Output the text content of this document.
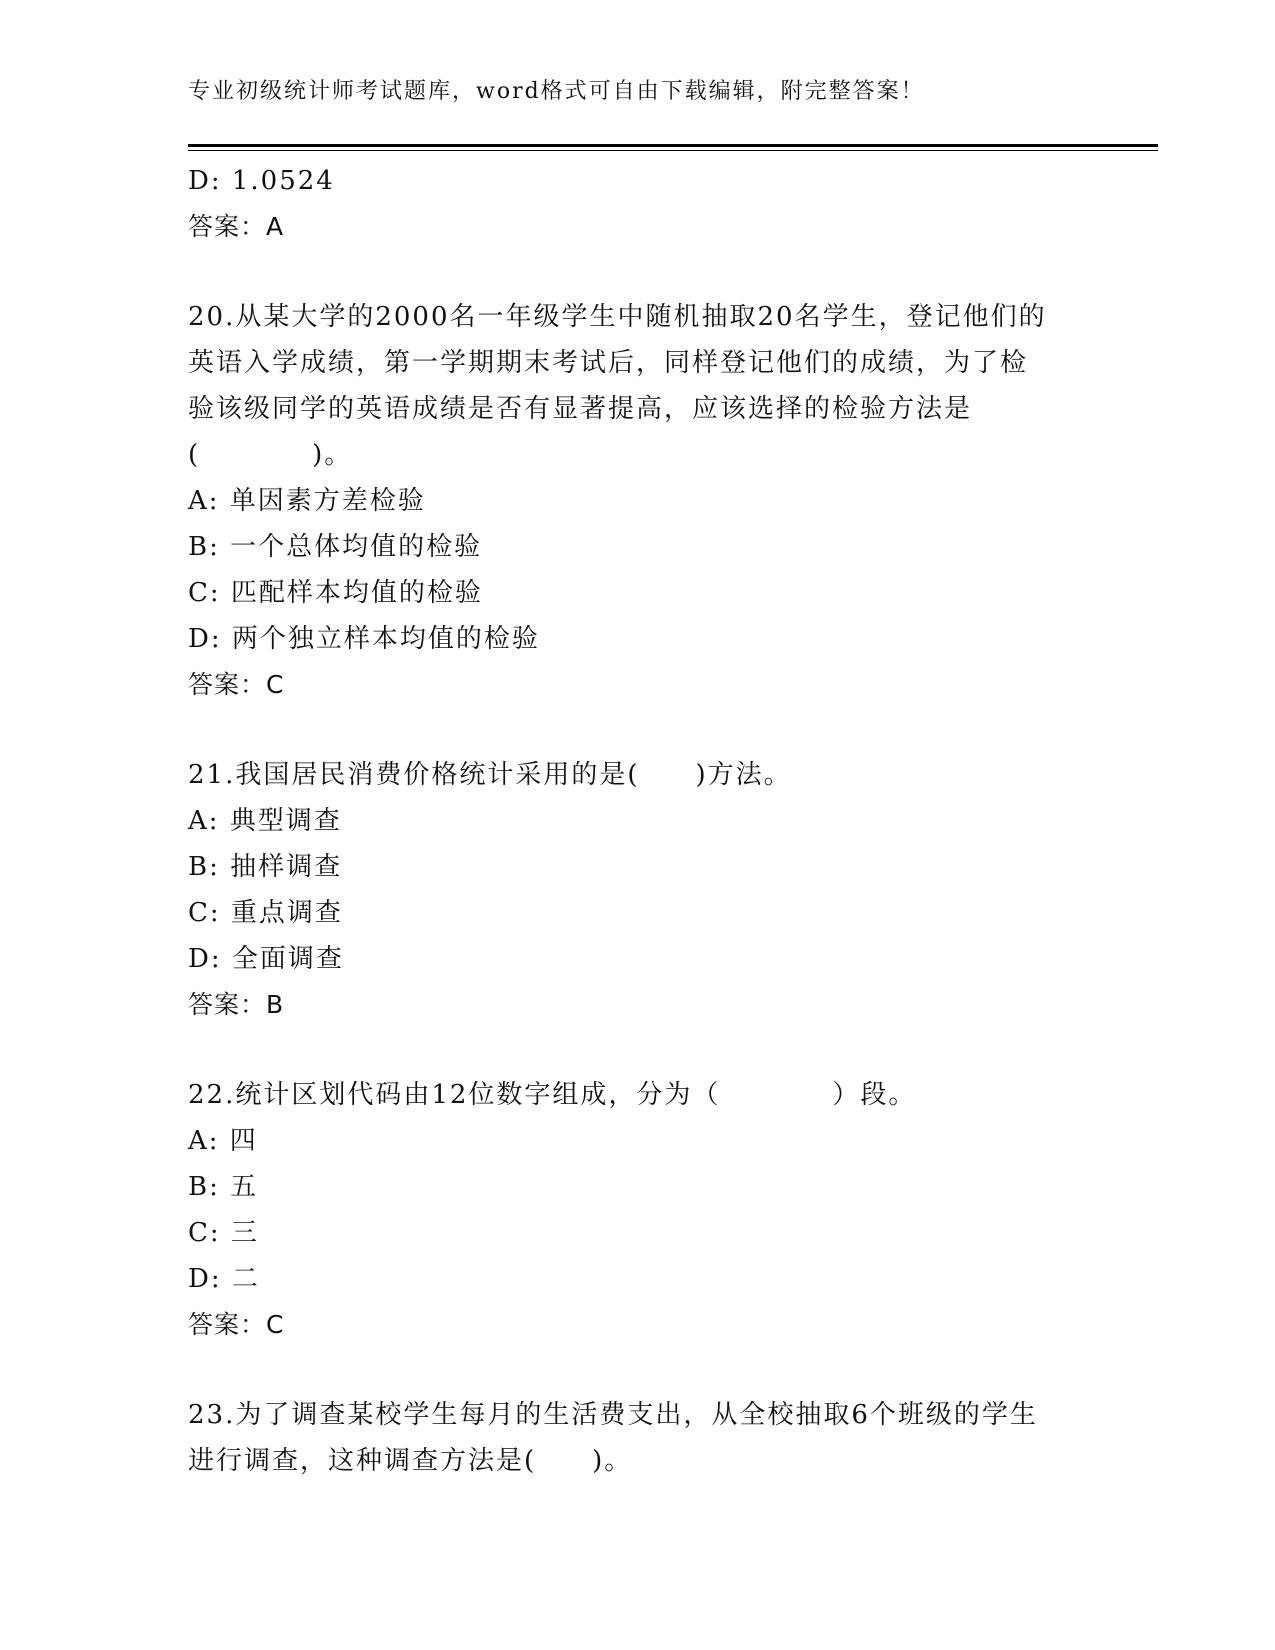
专业初级统计师考试题库，word格式可自由下载编辑，附完整答案！
D: 1.0524
答案：A
20.从某大学的2000名一年级学生中随机抽取20名学生，登记他们的
英语入学成绩，第一学期期末考试后，同样登记他们的成绩，为了检
验该级同学的英语成绩是否有显著提高，应该选择的检验方法是
(　　　　)。
A: 单因素方差检验
B: 一个总体均值的检验
C: 匹配样本均值的检验
D: 两个独立样本均值的检验
答案：C
21.我国居民消费价格统计采用的是(　　)方法。
A: 典型调查
B: 抽样调查
C: 重点调查
D: 全面调查
答案：B
22.统计区划代码由12位数字组成，分为（　　　　）段。
A: 四
B: 五
C: 三
D: 二
答案：C
23.为了调查某校学生每月的生活费支出，从全校抽取6个班级的学生
进行调查，这种调查方法是(　　)。
